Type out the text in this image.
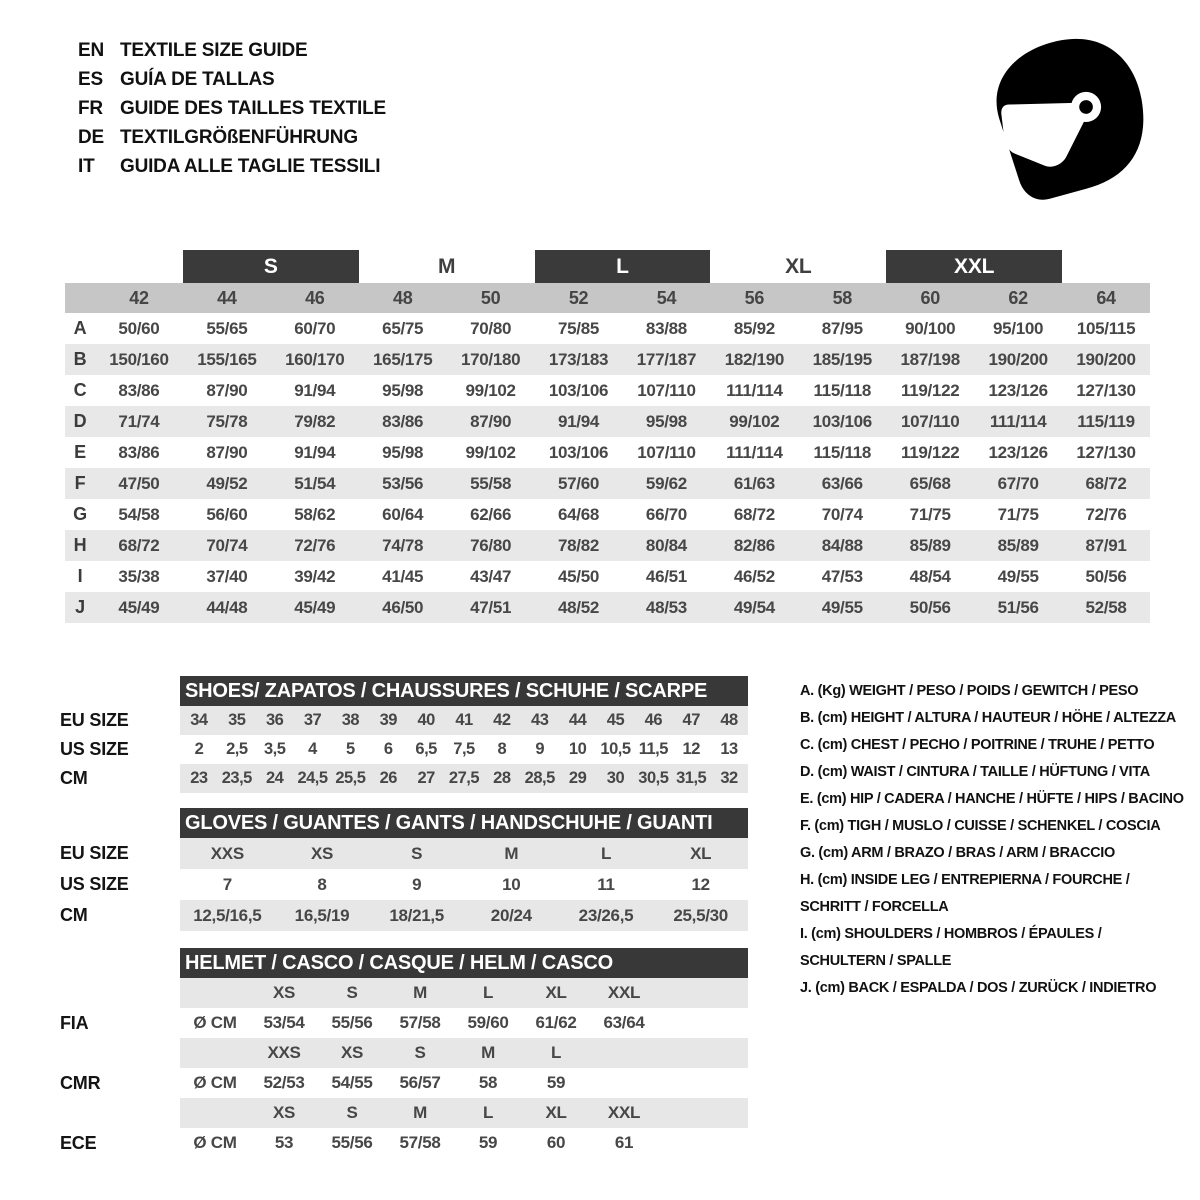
EN TEXTILE SIZE GUIDE
ES GUÍA DE TALLAS
FR GUIDE DES TAILLES TEXTILE
DE TEXTILGRÖßENFÜHRUNG
IT	GUIDA ALLE TAGLIE TESSILI
S	M	L	XL	XXL
42	44	46	48	50	52	54	56	58	60	62	64
A	50/60	55/65	60/70	65/75	70/80	75/85	83/88	85/92	87/95	90/100	95/100	105/115
B	150/160	155/165	160/170	165/175	170/180	173/183	177/187	182/190	185/195	187/198	190/200	190/200
C	83/86	87/90	91/94	95/98	99/102	103/106	107/110	111/114	115/118	119/122	123/126	127/130
D	71/74	75/78	79/82	83/86	87/90	91/94	95/98	99/102	103/106	107/110	111/114	115/119
E	83/86	87/90	91/94	95/98	99/102	103/106	107/110	111/114	115/118	119/122	123/126	127/130
F	47/50	49/52	51/54	53/56	55/58	57/60	59/62	61/63	63/66	65/68	67/70	68/72
G	54/58	56/60	58/62	60/64	62/66	64/68	66/70	68/72	70/74	71/75	71/75	72/76
H	68/72	70/74	72/76	74/78	76/80	78/82	80/84	82/86	84/88	85/89	85/89	87/91
I	35/38	37/40	39/42	41/45	43/47	45/50	46/51	46/52	47/53	48/54	49/55	50/56
J	45/49	44/48	45/49	46/50	47/51	48/52	48/53	49/54	49/55	50/56	51/56	52/58
SHOES/ ZAPATOS / CHAUSSURES / SCHUHE / SCARPE
EU SIZE	34	35	36	37	38	39	40	41	42	43	44	45	46	47	48
US SIZE	2	2,5 3,5	4	5	6	6,5 7,5	8	9	10 10,5 11,5 12	13
CM	23 23,5 24 24,5 25,5 26	27 27,5 28 28,5 29	30 30,5 31,5 32
GLOVES / GUANTES / GANTS / HANDSCHUHE / GUANTI
EU SIZE	XXS	XS	S	M	L	XL
US SIZE	7	8	9	10	11	12
CM	12,5/16,5	16,5/19	18/21,5	20/24	23/26,5	25,5/30
HELMET / CASCO / CASQUE / HELM / CASCO
XS	S	M	L	XL	XXL
FIA	Ø CM	53/54	55/56	57/58	59/60	61/62	63/64
XXS	XS	S	M	L
CMR	Ø CM	52/53	54/55	56/57	58	59
XS	S	M	L	XL	XXL
ECE	Ø CM	53	55/56	57/58	59	60	61
A. (Kg) WEIGHT / PESO / POIDS / GEWITCH / PESO
B. (cm) HEIGHT / ALTURA / HAUTEUR / HÖHE / ALTEZZA
C. (cm) CHEST / PECHO / POITRINE / TRUHE / PETTO
D. (cm) WAIST / CINTURA / TAILLE / HÜFTUNG / VITA
E. (cm) HIP / CADERA / HANCHE / HÜFTE / HIPS / BACINO
F. (cm) TIGH / MUSLO / CUISSE / SCHENKEL / COSCIA
G. (cm) ARM / BRAZO / BRAS / ARM / BRACCIO
H. (cm) INSIDE LEG / ENTREPIERNA / FOURCHE /
SCHRITT / FORCELLA
I. (cm) SHOULDERS / HOMBROS / ÉPAULES /
SCHULTERN / SPALLE
J. (cm) BACK / ESPALDA / DOS / ZURÜCK / INDIETRO
